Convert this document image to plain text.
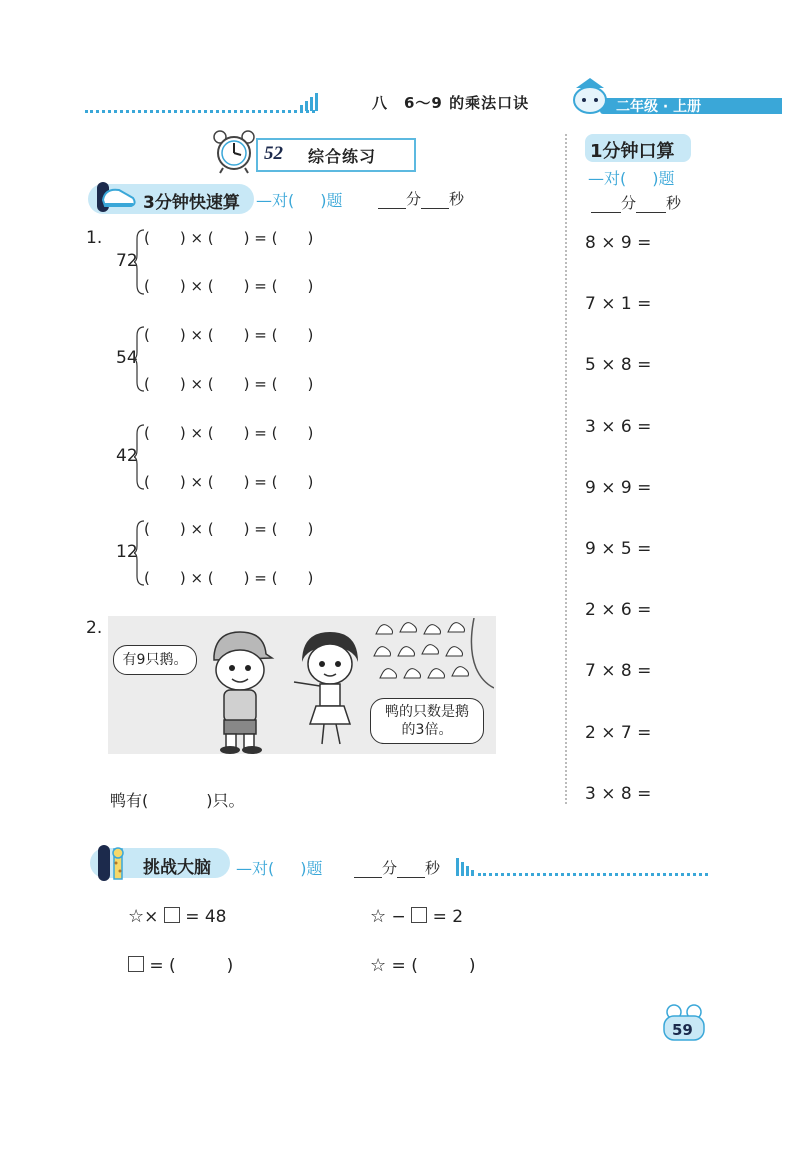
八　6～9 的乘法口诀	二年级 · 上册
52 综合练习
3分钟快速算 —对( )题	分 秒
1.
72
(　　) × (　　) = (　　)
(　　) × (　　) = (　　)
54
(　　) × (　　) = (　　)
(　　) × (　　) = (　　)
42
(　　) × (　　) = (　　)
(　　) × (　　) = (　　)
12
(　　) × (　　) = (　　)
(　　) × (　　) = (　　)
2.
有9只鹅。
鸭的只数是鹅的3倍。
鸭有(	)只。
1分钟口算
—对( )题
分 秒
8 × 9 =
7 × 1 =
5 × 8 =
3 × 6 =
9 × 9 =
9 × 5 =
2 × 6 =
7 × 8 =
2 × 7 =
3 × 8 =
挑战大脑 —对( )题	分 秒
☆×  = 48	☆ −  = 2
= (　　　)	☆ = (　　　)
59
